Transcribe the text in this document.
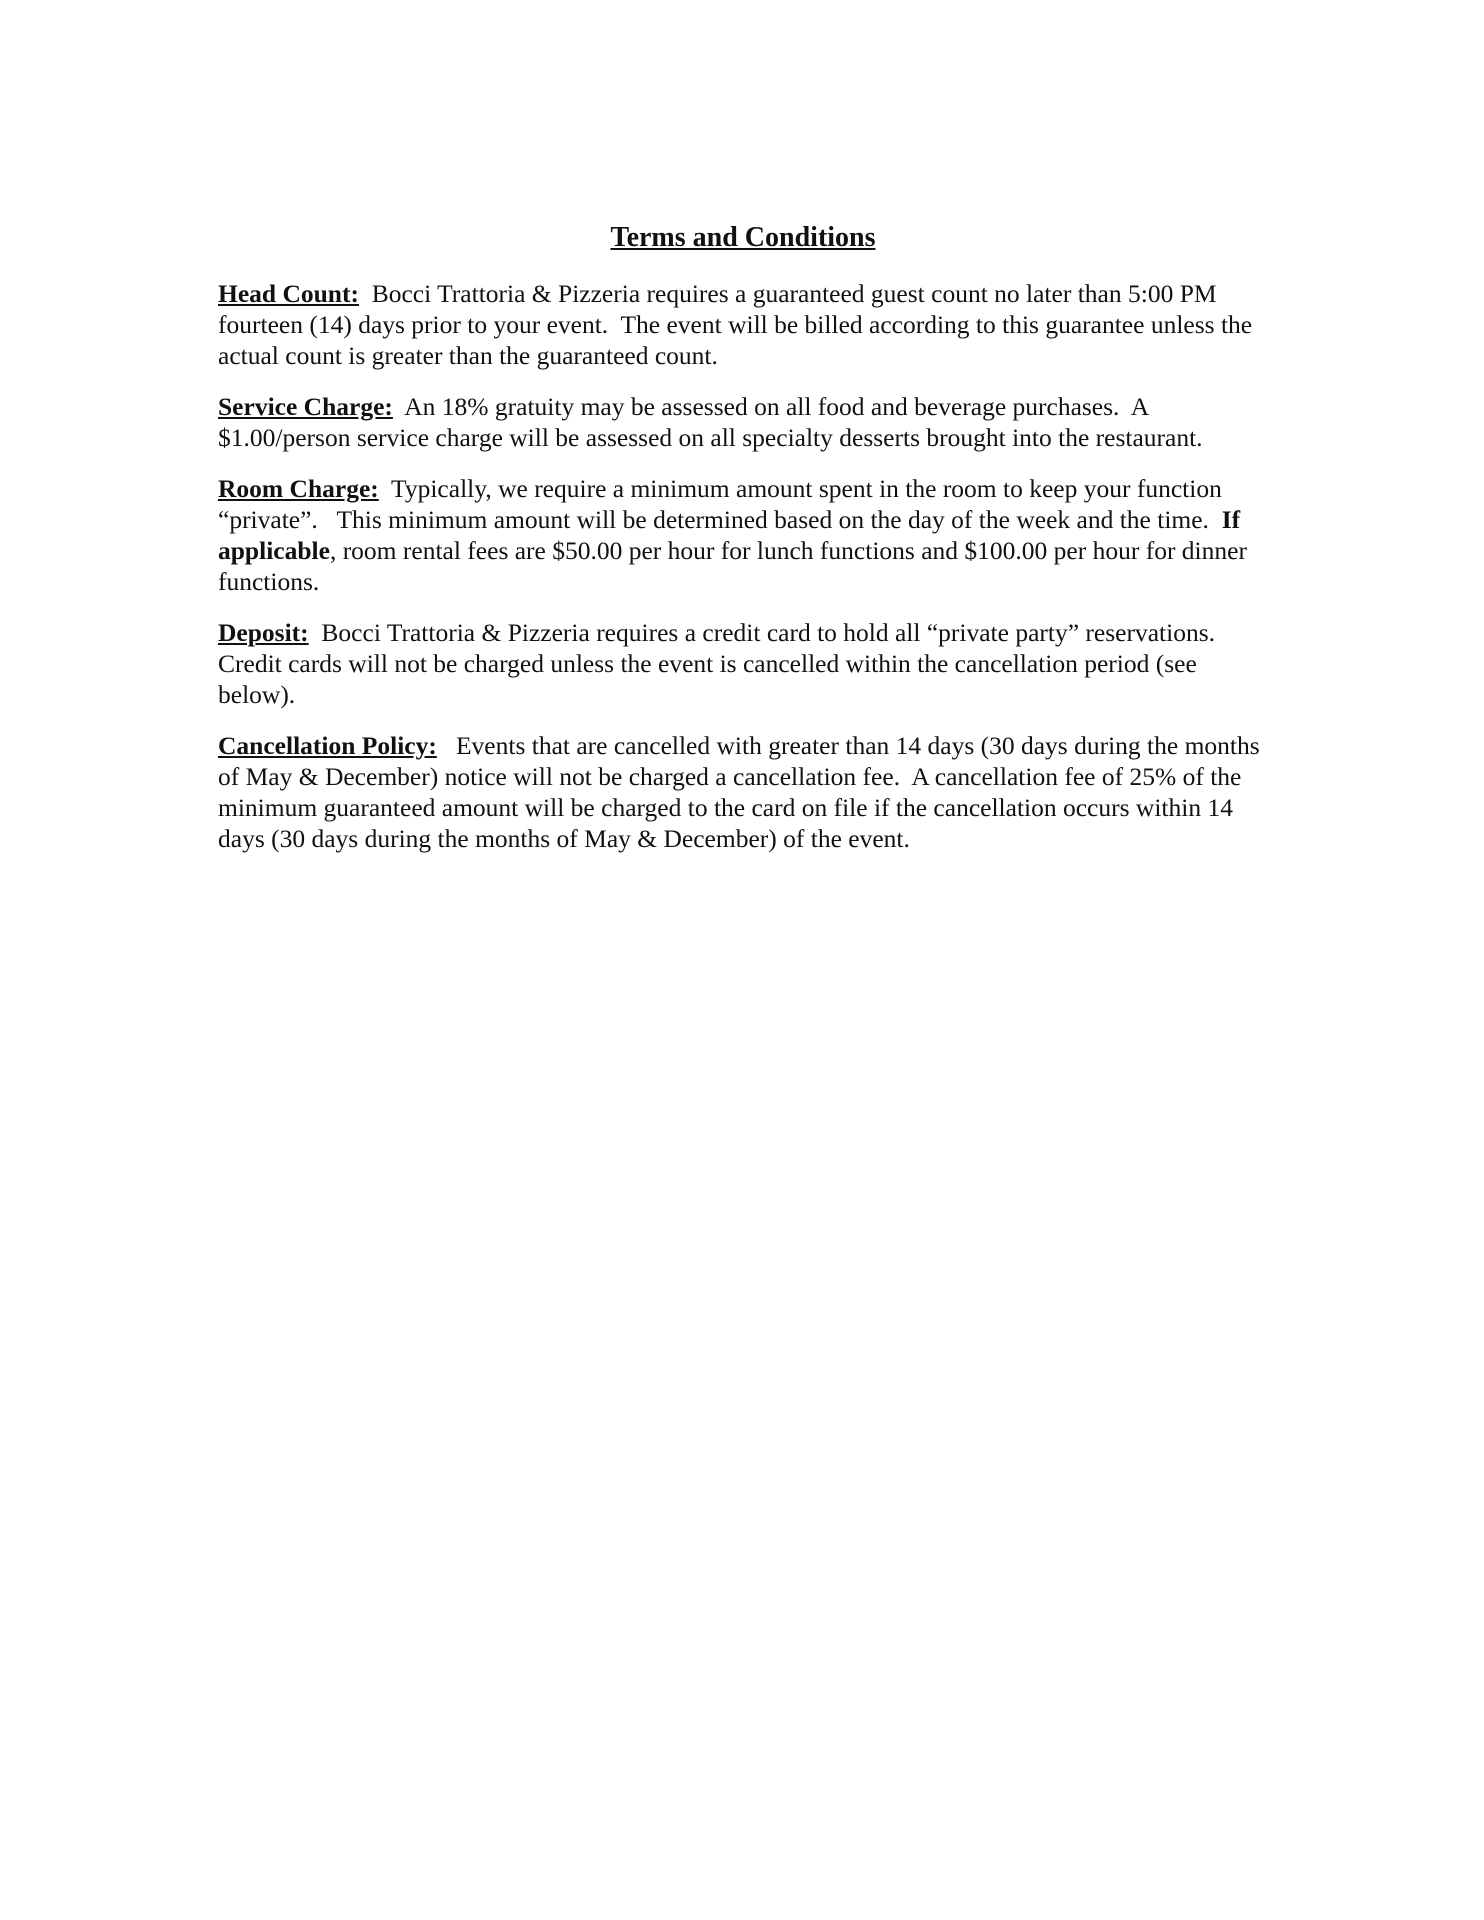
Terms and Conditions

Head Count:  Bocci Trattoria & Pizzeria requires a guaranteed guest count no later than 5:00 PM fourteen (14) days prior to your event.  The event will be billed according to this guarantee unless the actual count is greater than the guaranteed count.

Service Charge:  An 18% gratuity may be assessed on all food and beverage purchases.  A $1.00/person service charge will be assessed on all specialty desserts brought into the restaurant.

Room Charge:  Typically, we require a minimum amount spent in the room to keep your function “private”.   This minimum amount will be determined based on the day of the week and the time.  If applicable, room rental fees are $50.00 per hour for lunch functions and $100.00 per hour for dinner functions.

Deposit:  Bocci Trattoria & Pizzeria requires a credit card to hold all “private party” reservations. Credit cards will not be charged unless the event is cancelled within the cancellation period (see below).

Cancellation Policy:   Events that are cancelled with greater than 14 days (30 days during the months of May & December) notice will not be charged a cancellation fee.  A cancellation fee of 25% of the minimum guaranteed amount will be charged to the card on file if the cancellation occurs within 14 days (30 days during the months of May & December) of the event.
